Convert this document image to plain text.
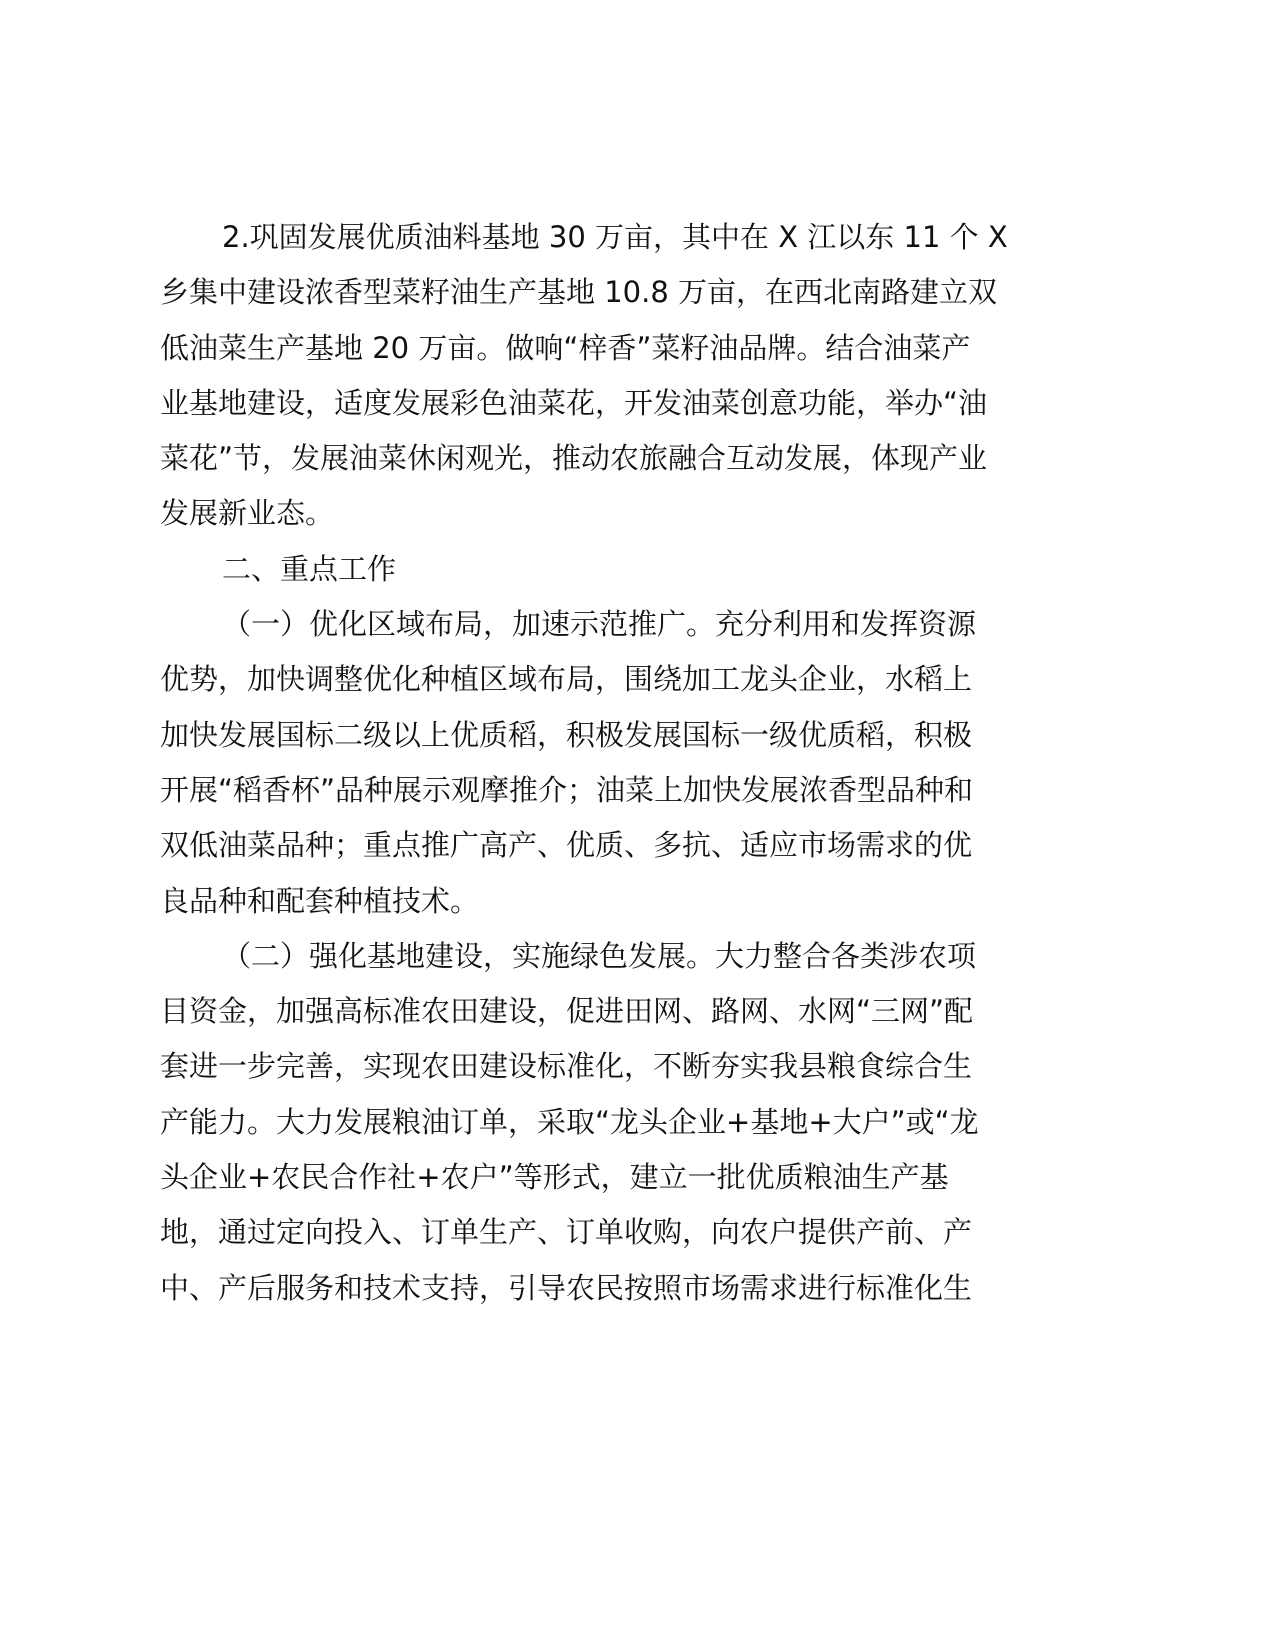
2.巩固发展优质油料基地 30 万亩，其中在 X 江以东 11 个 X
乡集中建设浓香型菜籽油生产基地 10.8 万亩，在西北南路建立双
低油菜生产基地 20 万亩。做响“梓香”菜籽油品牌。结合油菜产
业基地建设，适度发展彩色油菜花，开发油菜创意功能，举办“油
菜花”节，发展油菜休闲观光，推动农旅融合互动发展，体现产业
发展新业态。
二、重点工作
（一）优化区域布局，加速示范推广。充分利用和发挥资源
优势，加快调整优化种植区域布局，围绕加工龙头企业，水稻上
加快发展国标二级以上优质稻，积极发展国标一级优质稻，积极
开展“稻香杯”品种展示观摩推介；油菜上加快发展浓香型品种和
双低油菜品种；重点推广高产、优质、多抗、适应市场需求的优
良品种和配套种植技术。
（二）强化基地建设，实施绿色发展。大力整合各类涉农项
目资金，加强高标准农田建设，促进田网、路网、水网“三网”配
套进一步完善，实现农田建设标准化，不断夯实我县粮食综合生
产能力。大力发展粮油订单，采取“龙头企业+基地+大户”或“龙
头企业+农民合作社+农户”等形式，建立一批优质粮油生产基
地，通过定向投入、订单生产、订单收购，向农户提供产前、产
中、产后服务和技术支持，引导农民按照市场需求进行标准化生
